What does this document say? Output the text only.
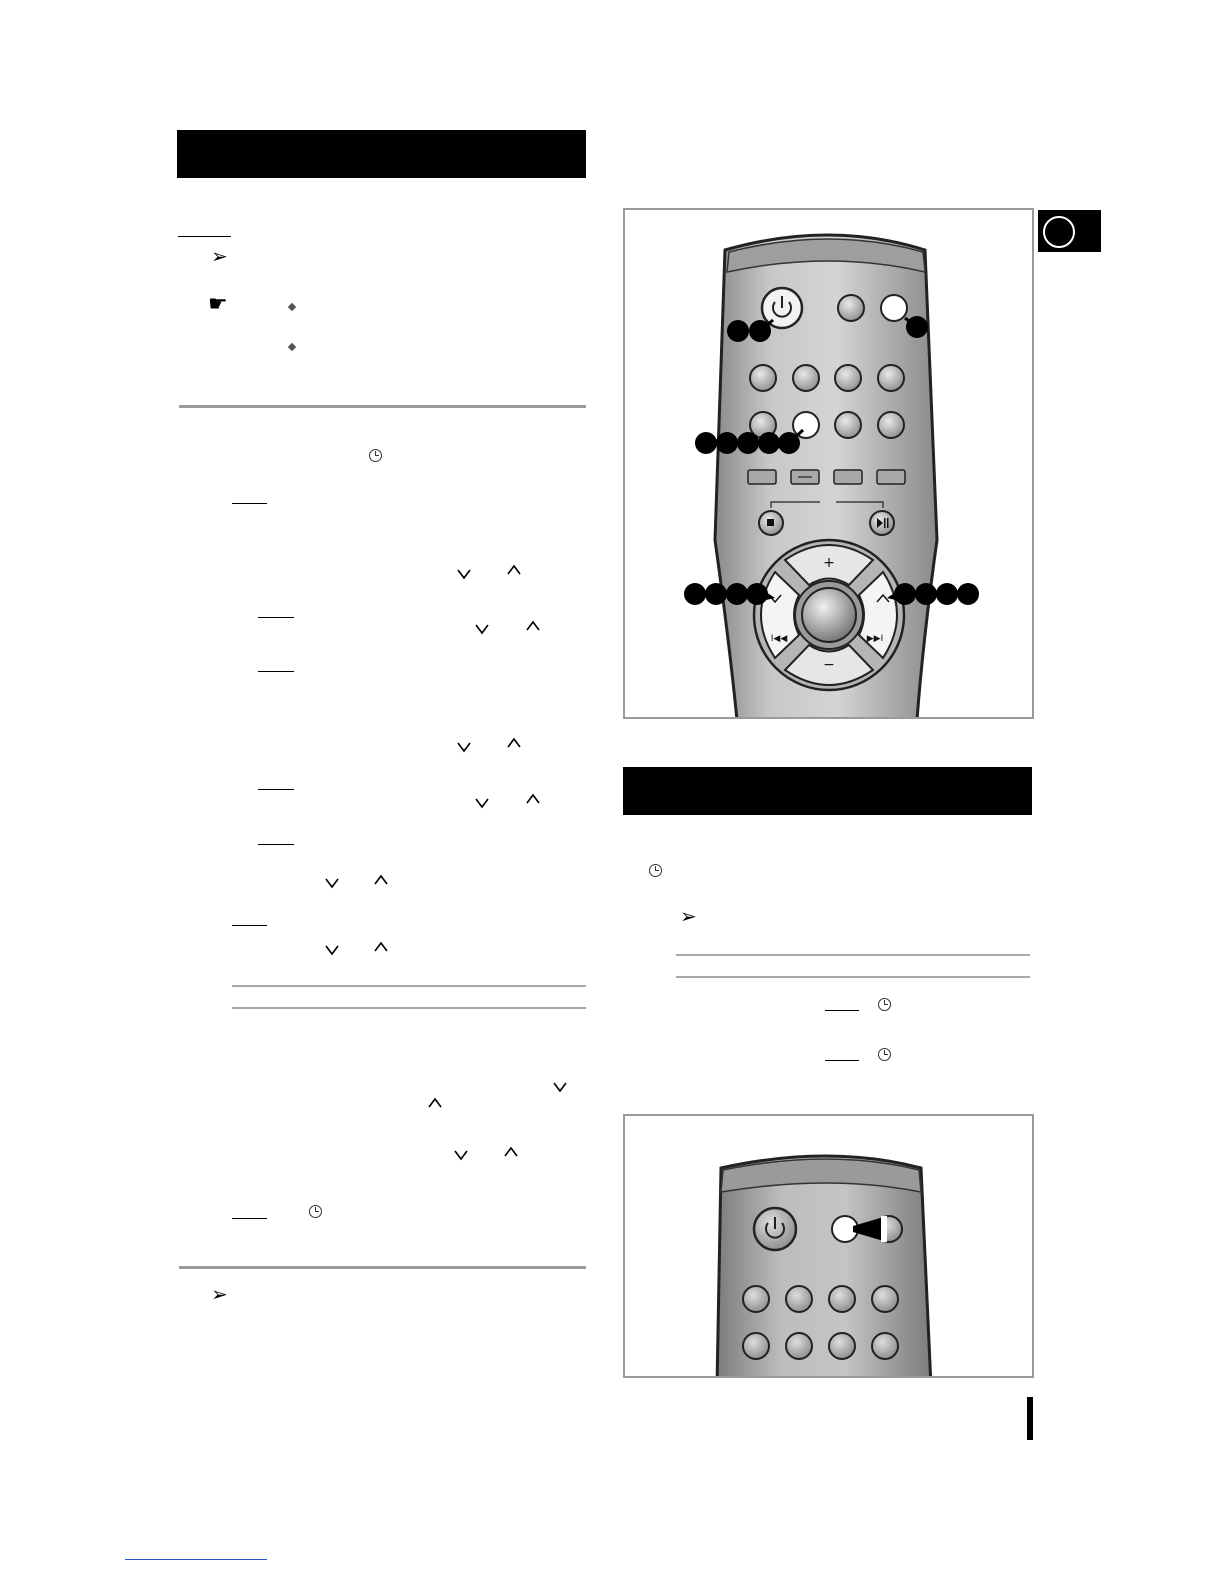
➢
☛
➢
+
−
I◀◀	▶▶I
➢
